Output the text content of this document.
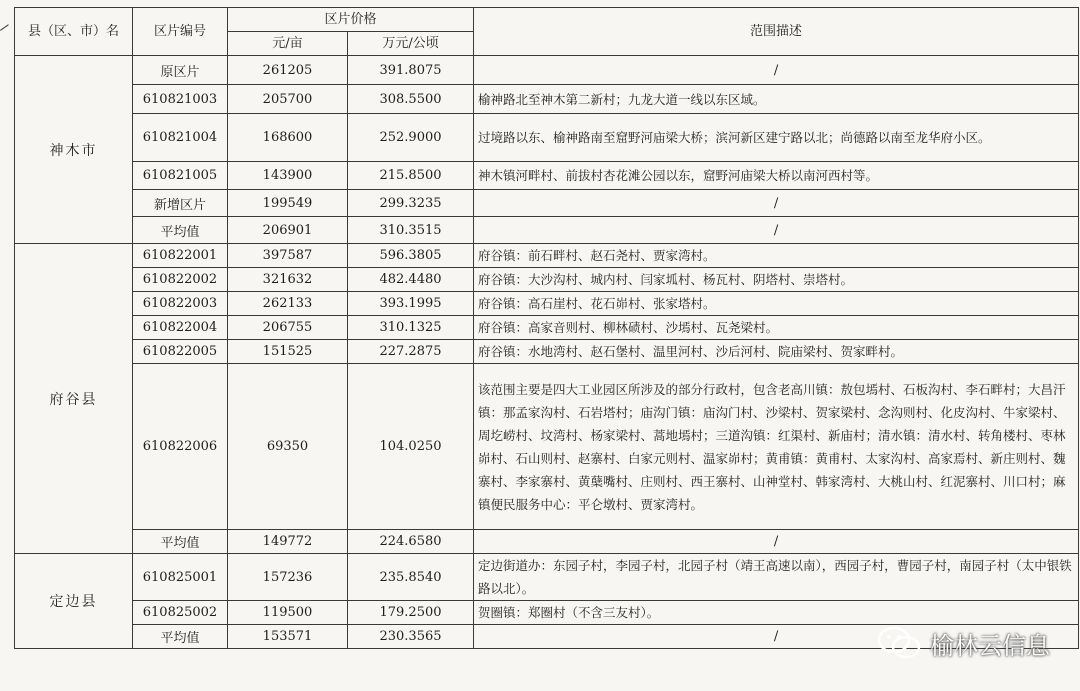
县（区、市）名	区片编号	区片价格		范围描述
		元/亩	万元/公顷	
神木市	原区片	261205	391.8075	/
	610821003	205700	308.5500	榆神路北至神木第二新村；九龙大道一线以东区域。
	610821004	168600	252.9000	过境路以东、榆神路南至窟野河庙梁大桥；滨河新区建宁路以北；尚德路以南至龙华府小区。
	610821005	143900	215.8500	神木镇河畔村、前拔村杏花滩公园以东，窟野河庙梁大桥以南河西村等。
	新增区片	199549	299.3235	/
	平均值	206901	310.3515	/
府谷县	610822001	397587	596.3805	府谷镇：前石畔村、赵石尧村、贾家湾村。
	610822002	321632	482.4480	府谷镇：大沙沟村、城内村、闫家坬村、杨瓦村、阴塔村、崇塔村。
	610822003	262133	393.1995	府谷镇：高石崖村、花石峁村、张家塔村。
	610822004	206755	310.1325	府谷镇：高家音则村、柳林碛村、沙墕村、瓦尧梁村。
	610822005	151525	227.2875	府谷镇：水地湾村、赵石堡村、温里河村、沙后河村、院庙梁村、贺家畔村。
	610822006	69350	104.0250	该范围主要是四大工业园区所涉及的部分行政村，包含老高川镇：敖包墕村、石板沟村、李石畔村；大昌汗镇：那孟家沟村、石岩塔村；庙沟门镇：庙沟门村、沙梁村、贺家梁村、念沟则村、化皮沟村、牛家梁村、周圪崂村、坟湾村、杨家梁村、蒿地墕村；三道沟镇：红渠村、新庙村；清水镇：清水村、转角楼村、枣林峁村、石山则村、赵寨村、白家元则村、温家峁村；黄甫镇：黄甫村、太家沟村、高家焉村、新庄则村、魏寨村、李家寨村、黄蘖嘴村、庄则村、西王寨村、山神堂村、韩家湾村、大桃山村、红泥寨村、川口村；麻镇便民服务中心：平仑墩村、贾家湾村。
	平均值	149772	224.6580	/
定边县	610825001	157236	235.8540	定边街道办：东园子村，李园子村，北园子村（靖王高速以南），西园子村，曹园子村，南园子村（太中银铁路以北）。
	610825002	119500	179.2500	贺圈镇：郑圈村（不含三友村）。
	平均值	153571	230.3565	/	榆林云信息
